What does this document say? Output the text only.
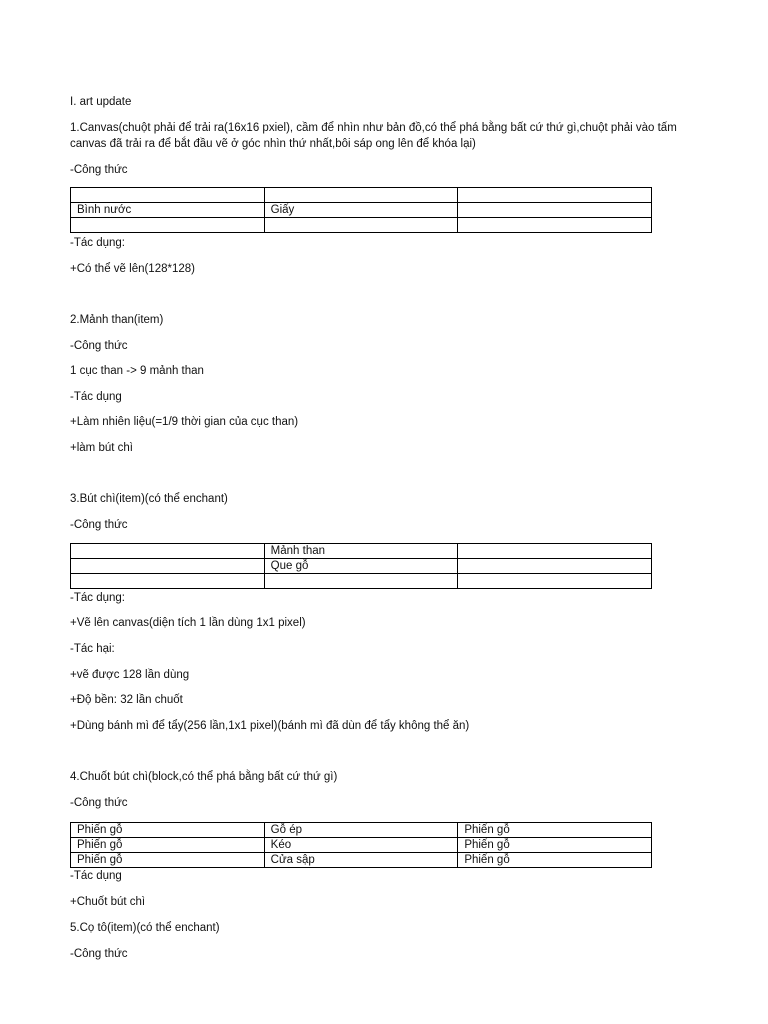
I. art update

1.Canvas(chuột phải để trải ra(16x16 pxiel), cầm để nhìn như bản đồ,có thể phá bằng bất cứ thứ gì,chuột phải vào tấm canvas đã trải ra để bắt đầu vẽ ở góc nhìn thứ nhất,bôi sáp ong lên để khóa lại)

-Công thức

Bình nước	Giấy	

-Tác dụng:

+Có thể vẽ lên(128*128)

2.Mảnh than(item)

-Công thức

1 cục than -> 9 mảnh than

-Tác dụng

+Làm nhiên liệu(=1/9 thời gian của cục than)

+làm bút chì

3.Bút chì(item)(có thể enchant)

-Công thức

	Mảnh than	
	Que gỗ	

-Tác dụng:

+Vẽ lên canvas(diện tích 1 lần dùng 1x1 pixel)

-Tác hại:

+vẽ được 128 lần dùng

+Độ bền: 32 lần chuốt

+Dùng bánh mì để tẩy(256 lần,1x1 pixel)(bánh mì đã dùn để tẩy không thể ăn)

4.Chuốt bút chì(block,có thể phá bằng bất cứ thứ gì)

-Công thức

Phiến gỗ	Gỗ ép	Phiến gỗ
Phiến gỗ	Kéo	Phiến gỗ
Phiến gỗ	Cửa sập	Phiến gỗ

-Tác dụng

+Chuốt bút chì

5.Cọ tô(item)(có thể enchant)

-Công thức
